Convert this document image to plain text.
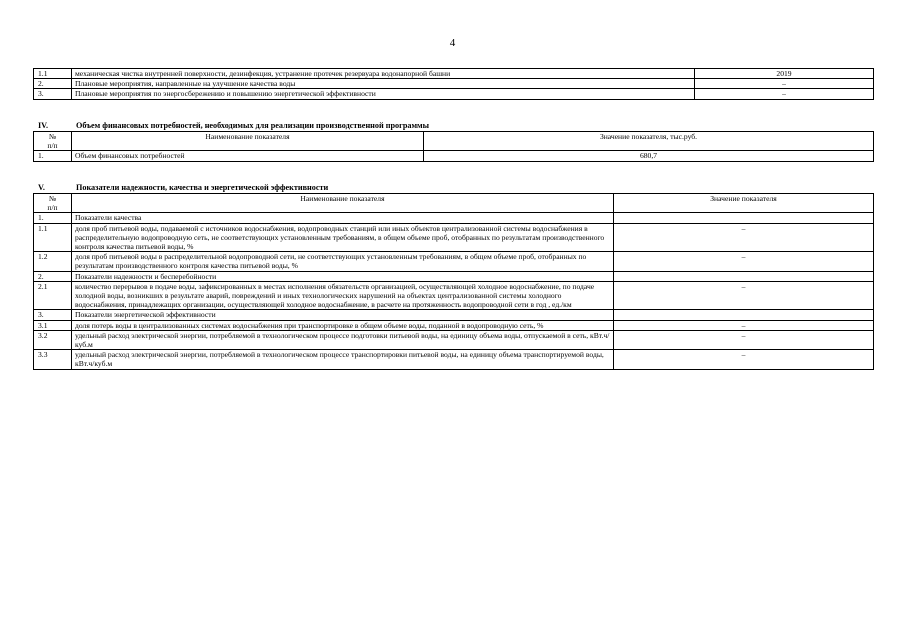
4
1.1	механическая чистка внутренней поверхности, дезинфекция, устранение протечек резервуара водонапорной башни	2019
2.	Плановые мероприятия, направленные на улучшение качества воды	–
3.	Плановые мероприятия по энергосбережению и повышению энергетической эффективности	–
IV.	Объем финансовых потребностей, необходимых для реализации производственной программы
№
п/п	Наименование показателя	Значение показателя, тыс.руб.
1.	Объем финансовых потребностей	680,7
V.	Показатели надежности, качества и энергетической эффективности
№
п/п	Наименование показателя	Значение показателя
1.	Показатели качества	
1.1	доля проб питьевой воды, подаваемой с источников водоснабжения, водопроводных станций или иных объектов централизованной системы водоснабжения в распределительную водопроводную сеть, не соответствующих установленным требованиям, в общем объеме проб, отобранных по результатам производственного контроля качества питьевой воды, %	–
1.2	доля проб питьевой воды в распределительной водопроводной сети, не соответствующих установленным требованиям, в общем объеме проб, отобранных по результатам производственного контроля качества питьевой воды, %	–
2.	Показатели надежности и бесперебойности	
2.1	количество перерывов в подаче воды, зафиксированных в местах исполнения обязательств организацией, осуществляющей холодное водоснабжение, по подаче холодной воды, возникших в результате аварий, повреждений и иных технологических нарушений на объектах централизованной системы холодного водоснабжения, принадлежащих организации, осуществляющей холодное водоснабжение, в расчете на протяженность водопроводной сети в год , ед./км	–
3.	Показатели энергетической эффективности	
3.1	доля потерь воды в централизованных системах водоснабжения при транспортировке в общем объеме воды, поданной в водопроводную сеть, %	–
3.2	удельный расход электрической энергии, потребляемой в технологическом процессе подготовки питьевой воды, на единицу объема воды, отпускаемой в сеть, кВт.ч/куб.м	–
3.3	удельный расход электрической энергии, потребляемой в технологическом процессе транспортировки питьевой воды, на единицу объема транспортируемой воды, кВт.ч/куб.м	–
